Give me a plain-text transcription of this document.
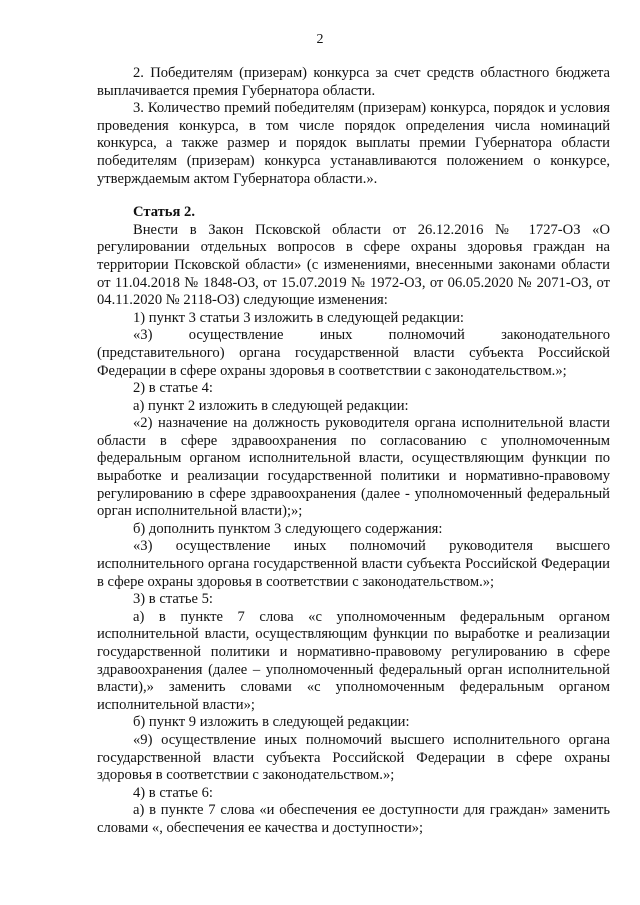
2

2. Победителям (призерам) конкурса за счет средств областного бюджета выплачивается премия Губернатора области.

3. Количество премий победителям (призерам) конкурса, порядок и условия проведения конкурса, в том числе порядок определения числа номинаций конкурса, а также размер и порядок выплаты премии Губернатора области победителям (призерам) конкурса устанавливаются положением о конкурсе, утверждаемым актом Губернатора области.».

Статья 2.

Внести в Закон Псковской области от 26.12.2016 № 1727-ОЗ «О регулировании отдельных вопросов в сфере охраны здоровья граждан на территории Псковской области» (с изменениями, внесенными законами области от 11.04.2018 № 1848-ОЗ, от 15.07.2019 № 1972-ОЗ, от 06.05.2020 № 2071-ОЗ, от 04.11.2020 № 2118-ОЗ) следующие изменения:

1) пункт 3 статьи 3 изложить в следующей редакции:

«3) осуществление иных полномочий законодательного (представительного) органа государственной власти субъекта Российской Федерации в сфере охраны здоровья в соответствии с законодательством.»;

2) в статье 4:

а) пункт 2 изложить в следующей редакции:

«2) назначение на должность руководителя органа исполнительной власти области в сфере здравоохранения по согласованию с уполномоченным федеральным органом исполнительной власти, осуществляющим функции по выработке и реализации государственной политики и нормативно-правовому регулированию в сфере здравоохранения (далее - уполномоченный федеральный орган исполнительной власти);»;

б) дополнить пунктом 3 следующего содержания:

«3) осуществление иных полномочий руководителя высшего исполнительного органа государственной власти субъекта Российской Федерации в сфере охраны здоровья в соответствии с законодательством.»;

3) в статье 5:

а) в пункте 7 слова «с уполномоченным федеральным органом исполнительной власти, осуществляющим функции по выработке и реализации государственной политики и нормативно-правовому регулированию в сфере здравоохранения (далее – уполномоченный федеральный орган исполнительной власти),» заменить словами «с уполномоченным федеральным органом исполнительной власти»;

б) пункт 9 изложить в следующей редакции:

«9) осуществление иных полномочий высшего исполнительного органа государственной власти субъекта Российской Федерации в сфере охраны здоровья в соответствии с законодательством.»;

4) в статье 6:

а) в пункте 7 слова «и обеспечения ее доступности для граждан» заменить словами «, обеспечения ее качества и доступности»;
